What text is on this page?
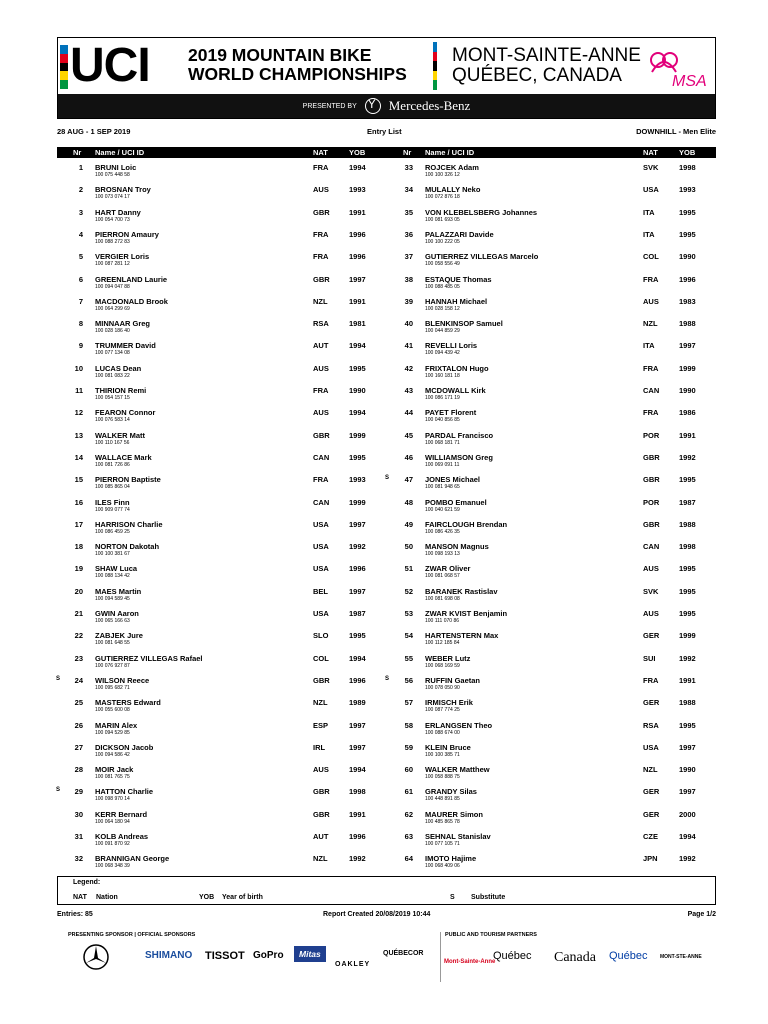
UCI 2019 MOUNTAIN BIKE
WORLD CHAMPIONSHIPS
MONT-SAINTE-ANNE
QUÉBEC, CANADA	MSA
PRESENTED BY Y Mercedes-Benz
28 AUG - 1 SEP 2019	Entry List	DOWNHILL - Men Elite
Nr Name / UCI ID	NAT	YOB	Nr Name / UCI ID	NAT	YOB
1 BRUNI Loic
100 075 448 58
FRA	1994
2 BROSNAN Troy
100 073 074 17
AUS	1993
3 HART Danny
100 054 700 73
GBR	1991
4 PIERRON Amaury
100 088 272 83
FRA	1996
5 VERGIER Loris
100 087 281 12
FRA	1996
6 GREENLAND Laurie
100 094 047 88
GBR	1997
7 MACDONALD Brook
100 064 299 69
NZL	1991
8 MINNAAR Greg
100 028 186 40
RSA	1981
9 TRUMMER David
100 077 134 08
AUT	1994
10 LUCAS Dean
100 081 083 22
AUS	1995
11 THIRION Remi
100 054 157 15
FRA	1990
12 FEARON Connor
100 076 583 14
AUS	1994
13 WALKER Matt
100 110 167 56
GBR	1999
14 WALLACE Mark
100 081 726 86
CAN	1995
15 PIERRON Baptiste
100 085 865 04
FRA	1993
16 ILES Finn
100 909 077 74
CAN	1999
17 HARRISON Charlie
100 086 459 25
USA	1997
18 NORTON Dakotah
100 100 381 67
USA	1992
19 SHAW Luca
100 088 134 42
USA	1996
20 MAES Martin
100 094 589 45
BEL	1997
21 GWIN Aaron
100 065 166 63
USA	1987
22 ZABJEK Jure
100 081 648 55
SLO	1995
23 GUTIERREZ VILLEGAS Rafael
100 076 927 87
COL	1994
S	24 WILSON Reece
100 095 682 71
GBR	1996
25 MASTERS Edward
100 055 600 08
NZL	1989
26 MARIN Alex
100 094 529 85
ESP	1997
27 DICKSON Jacob
100 094 586 42
IRL	1997
28 MOIR Jack
100 081 765 75
AUS	1994
S	29 HATTON Charlie
100 098 970 14
GBR	1998
30 KERR Bernard
100 064 180 94
GBR	1991
31 KOLB Andreas
100 091 870 92
AUT	1996
32 BRANNIGAN George
100 068 348 39
NZL	1992
33 ROJCEK Adam
100 100 326 12
SVK	1998
34 MULALLY Neko
100 072 876 18
USA	1993
35 VON KLEBELSBERG Johannes
100 081 693 05
ITA	1995
36 PALAZZARI Davide
100 100 222 05
ITA	1995
37 GUTIERREZ VILLEGAS Marcelo
100 058 556 49
COL	1990
38 ESTAQUE Thomas
100 088 485 05
FRA	1996
39 HANNAH Michael
100 028 158 12
AUS	1983
40 BLENKINSOP Samuel
100 044 859 29
NZL	1988
41 REVELLI Loris
100 094 439 42
ITA	1997
42 FRIXTALON Hugo
100 160 181 18
FRA	1999
43 MCDOWALL Kirk
100 086 171 19
CAN	1990
44 PAYET Florent
100 040 856 85
FRA	1986
45 PARDAL Francisco
100 068 181 71
POR	1991
46 WILLIAMSON Greg
100 069 091 11
GBR	1992
S	47 JONES Michael
100 081 948 65
GBR	1995
48 POMBO Emanuel
100 040 621 59
POR	1987
49 FAIRCLOUGH Brendan
100 086 426 35
GBR	1988
50 MANSON Magnus
100 098 193 13
CAN	1998
51 ZWAR Oliver
100 081 068 57
AUS	1995
52 BARANEK Rastislav
100 081 698 08
SVK	1995
53 ZWAR KVIST Benjamin
100 111 070 86
AUS	1995
54 HARTENSTERN Max
100 112 185 84
GER	1999
55 WEBER Lutz
100 068 169 59
SUI	1992
S	56 RUFFIN Gaetan
100 078 050 90
FRA	1991
57 IRMISCH Erik
100 087 774 25
GER	1988
58 ERLANGSEN Theo
100 088 674 00
RSA	1995
59 KLEIN Bruce
100 100 385 71
USA	1997
60 WALKER Matthew
100 058 888 75
NZL	1990
61 GRANDY Silas
100 448 891 85
GER	1997
62 MAURER Simon
100 485 865 78
GER	2000
63 SEHNAL Stanislav
100 077 105 71
CZE	1994
64 IMOTO Hajime
100 068 409 06
JPN	1992
Legend:
NAT Nation	YOB Year of birth	S Substitute
Entries: 85	Report Created 20/08/2019 10:44	Page 1/2
PRESENTING SPONSOR | OFFICIAL SPONSORS	PUBLIC AND TOURISM PARTNERS
SHIMANO TISSOT GoPro	Mitas
OAKLEY
QUÉBECOR
Mont-Sainte-Anne
Québec Canada Québec MONT-STE-ANNE
